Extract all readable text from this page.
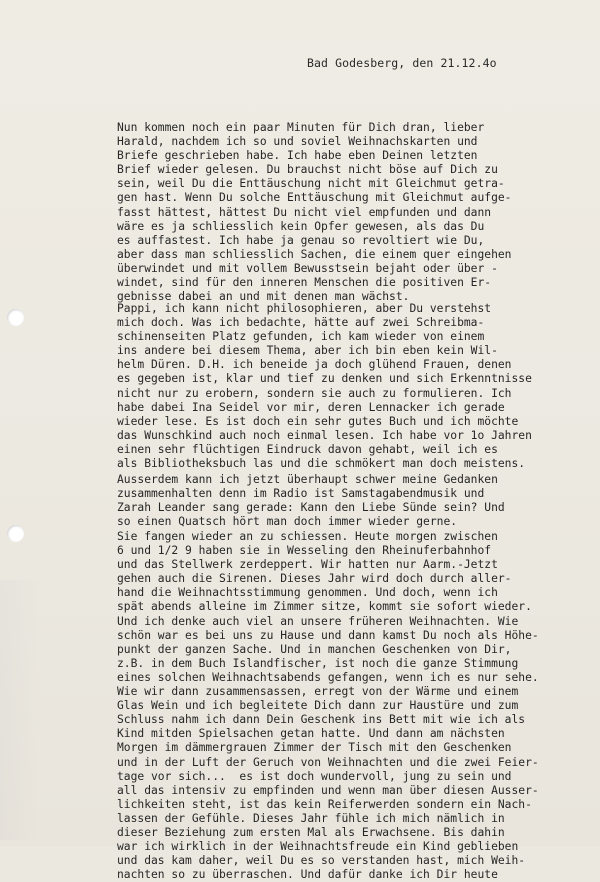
Bad Godesberg, den 21.12.4o
Nun kommen noch ein paar Minuten für Dich dran, lieber
Harald, nachdem ich so und soviel Weihnachskarten und
Briefe geschrieben habe. Ich habe eben Deinen letzten
Brief wieder gelesen. Du brauchst nicht böse auf Dich zu
sein, weil Du die Enttäuschung nicht mit Gleichmut getra-
gen hast. Wenn Du solche Enttäuschung mit Gleichmut aufge-
fasst hättest, hättest Du nicht viel empfunden und dann
wäre es ja schliesslich kein Opfer gewesen, als das Du
es auffastest. Ich habe ja genau so revoltiert wie Du,
aber dass man schliesslich Sachen, die einem quer eingehen
überwindet und mit vollem Bewusstsein bejaht oder über -
windet, sind für den inneren Menschen die positiven Er-
gebnisse dabei an und mit denen man wächst.
Pappi, ich kann nicht philosophieren, aber Du verstehst
mich doch. Was ich bedachte, hätte auf zwei Schreibma-
schinenseiten Platz gefunden, ich kam wieder von einem
ins andere bei diesem Thema, aber ich bin eben kein Wil-
helm Düren. D.H. ich beneide ja doch glühend Frauen, denen
es gegeben ist, klar und tief zu denken und sich Erkenntnisse
nicht nur zu erobern, sondern sie auch zu formulieren. Ich
habe dabei Ina Seidel vor mir, deren Lennacker ich gerade
wieder lese. Es ist doch ein sehr gutes Buch und ich möchte
das Wunschkind auch noch einmal lesen. Ich habe vor 1o Jahren
einen sehr flüchtigen Eindruck davon gehabt, weil ich es
als Bibliotheksbuch las und die schmökert man doch meistens.
Ausserdem kann ich jetzt überhaupt schwer meine Gedanken
zusammenhalten denn im Radio ist Samstagabendmusik und
Zarah Leander sang gerade: Kann den Liebe Sünde sein? Und
so einen Quatsch hört man doch immer wieder gerne.
Sie fangen wieder an zu schiessen. Heute morgen zwischen
6 und 1/2 9 haben sie in Wesseling den Rheinuferbahnhof
und das Stellwerk zerdeppert. Wir hatten nur Aarm.-Jetzt
gehen auch die Sirenen. Dieses Jahr wird doch durch aller-
hand die Weihnachtsstimmung genommen. Und doch, wenn ich
spät abends alleine im Zimmer sitze, kommt sie sofort wieder.
Und ich denke auch viel an unsere früheren Weihnachten. Wie
schön war es bei uns zu Hause und dann kamst Du noch als Höhe-
punkt der ganzen Sache. Und in manchen Geschenken von Dir,
z.B. in dem Buch Islandfischer, ist noch die ganze Stimmung
eines solchen Weihnachtsabends gefangen, wenn ich es nur sehe.
Wie wir dann zusammensassen, erregt von der Wärme und einem
Glas Wein und ich begleitete Dich dann zur Haustüre und zum
Schluss nahm ich dann Dein Geschenk ins Bett mit wie ich als
Kind mitden Spielsachen getan hatte. Und dann am nächsten
Morgen im dämmergrauen Zimmer der Tisch mit den Geschenken
und in der Luft der Geruch von Weihnachten und die zwei Feier-
tage vor sich...  es ist doch wundervoll, jung zu sein und
all das intensiv zu empfinden und wenn man über diesen Ausser-
lichkeiten steht, ist das kein Reiferwerden sondern ein Nach-
lassen der Gefühle. Dieses Jahr fühle ich mich nämlich in
dieser Beziehung zum ersten Mal als Erwachsene. Bis dahin
war ich wirklich in der Weihnachtsfreude ein Kind geblieben
und das kam daher, weil Du es so verstanden hast, mich Weih-
nachten so zu überraschen. Und dafür danke ich Dir heute
